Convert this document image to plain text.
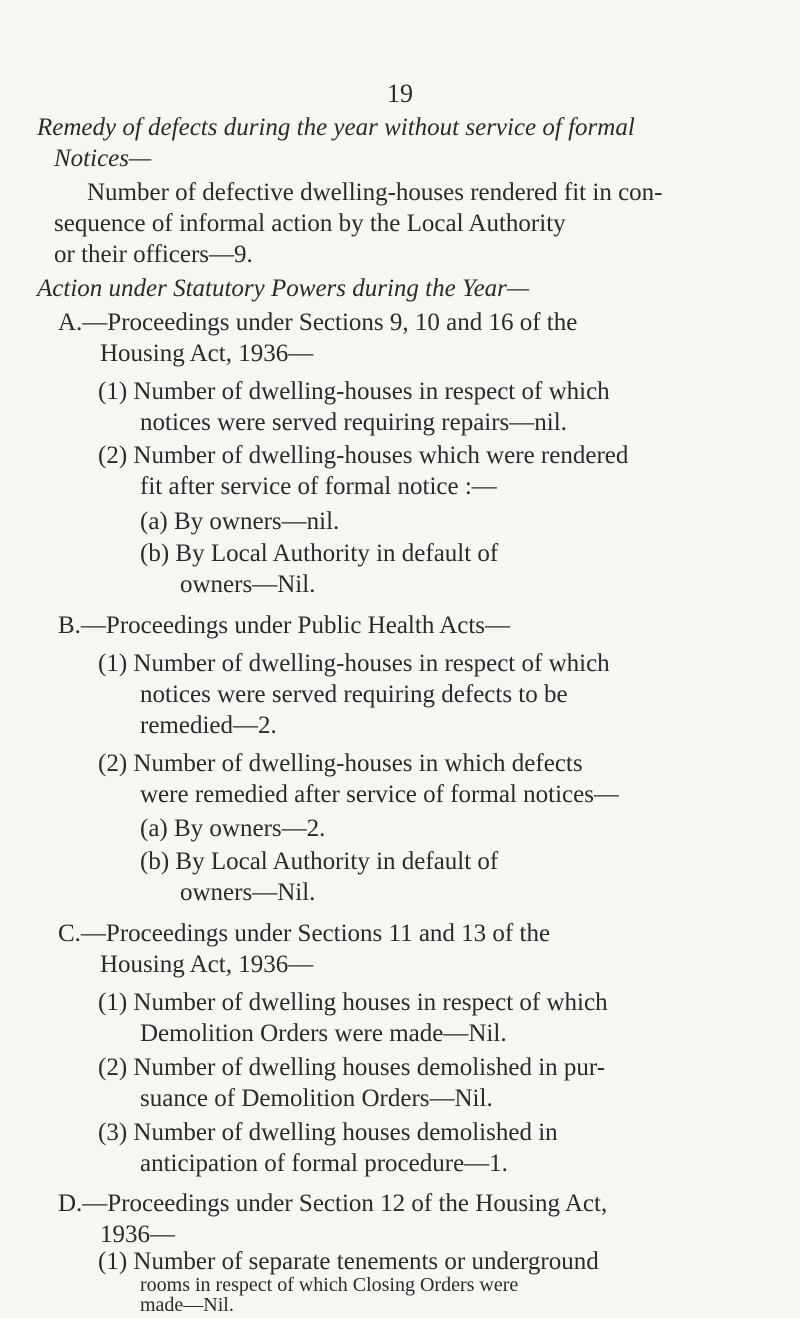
19
Remedy of defects during the year without service of formal
Notices—
Number of defective dwelling-houses rendered fit in con-
sequence of informal action by the Local Authority
or their officers—9.
Action under Statutory Powers during the Year—
A.—Proceedings under Sections 9, 10 and 16 of the
Housing Act, 1936—
(1) Number of dwelling-houses in respect of which
notices were served requiring repairs—nil.
(2) Number of dwelling-houses which were rendered
fit after service of formal notice :—
(a) By owners—nil.
(b) By Local Authority in default of
owners—Nil.
B.—Proceedings under Public Health Acts—
(1) Number of dwelling-houses in respect of which
notices were served requiring defects to be
remedied—2.
(2) Number of dwelling-houses in which defects
were remedied after service of formal notices—
(a) By owners—2.
(b) By Local Authority in default of
owners—Nil.
C.—Proceedings under Sections 11 and 13 of the
Housing Act, 1936—
(1) Number of dwelling houses in respect of which
Demolition Orders were made—Nil.
(2) Number of dwelling houses demolished in pur-
suance of Demolition Orders—Nil.
(3) Number of dwelling houses demolished in
anticipation of formal procedure—1.
D.—Proceedings under Section 12 of the Housing Act,
1936—
(1) Number of separate tenements or underground
rooms in respect of which Closing Orders were
made—Nil.
